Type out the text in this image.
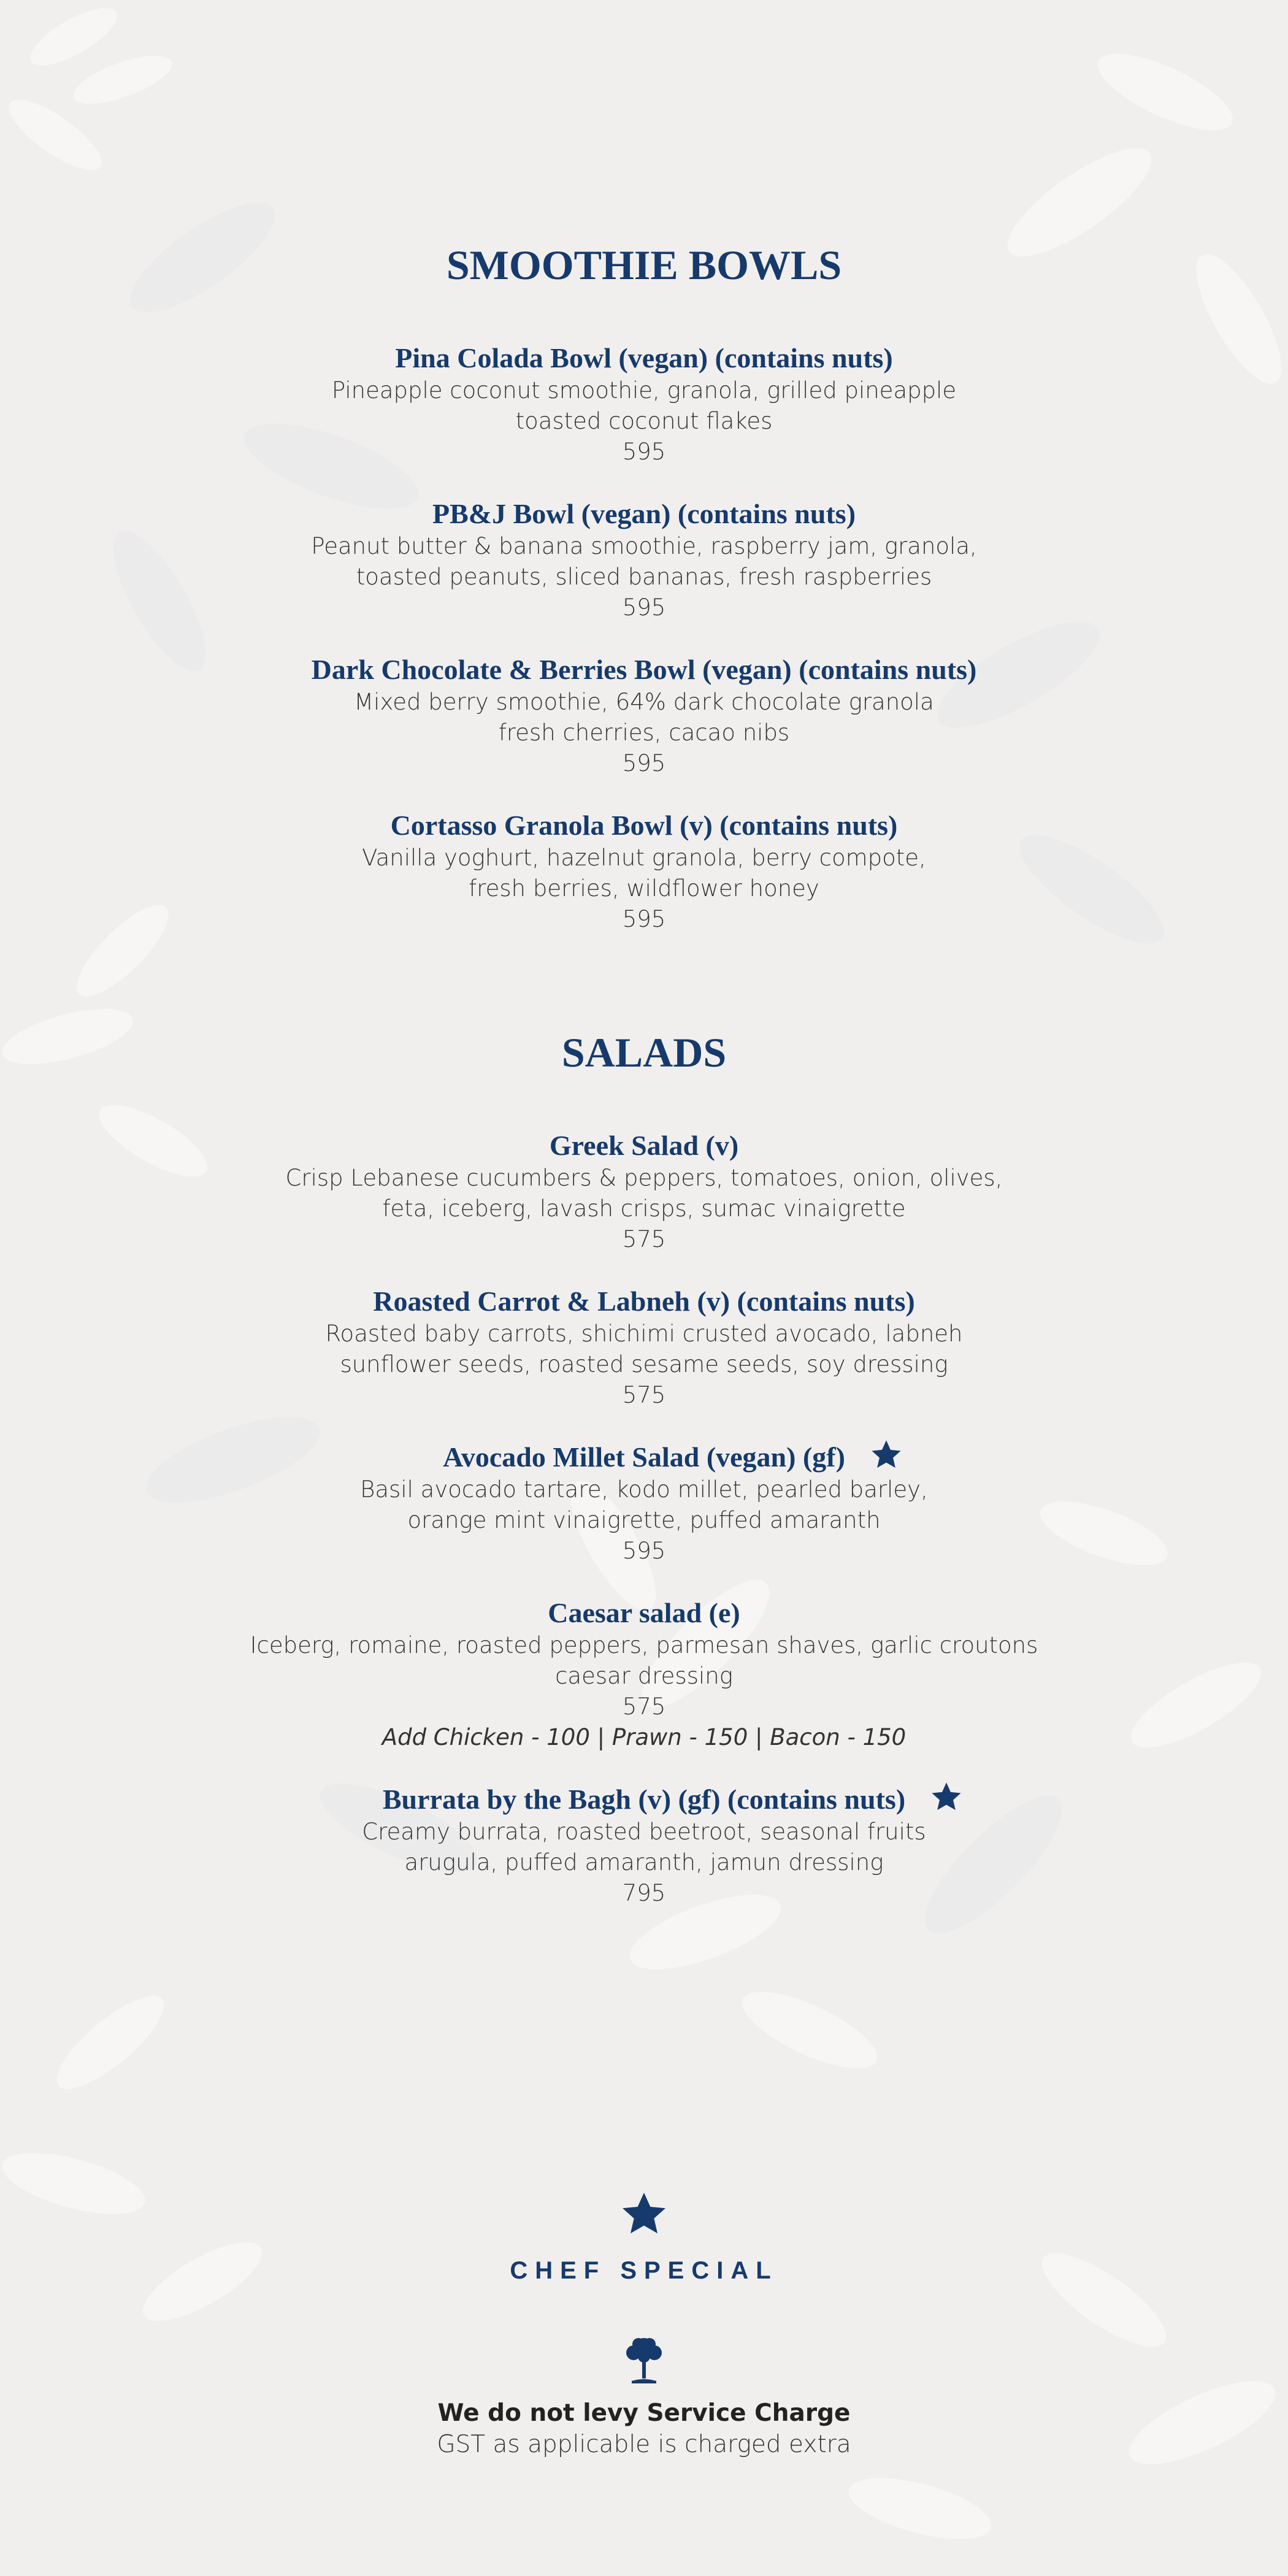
SMOOTHIE BOWLS
Pina Colada Bowl (vegan) (contains nuts)
Pineapple coconut smoothie, granola, grilled pineapple
toasted coconut flakes
595
PB&J Bowl (vegan) (contains nuts)
Peanut butter & banana smoothie, raspberry jam, granola,
toasted peanuts, sliced bananas, fresh raspberries
595
Dark Chocolate & Berries Bowl (vegan) (contains nuts)
Mixed berry smoothie, 64% dark chocolate granola
fresh cherries, cacao nibs
595
Cortasso Granola Bowl (v) (contains nuts)
Vanilla yoghurt, hazelnut granola, berry compote,
fresh berries, wildflower honey
595
SALADS
Greek Salad (v)
Crisp Lebanese cucumbers & peppers, tomatoes, onion, olives,
feta, iceberg, lavash crisps, sumac vinaigrette
575
Roasted Carrot & Labneh (v) (contains nuts)
Roasted baby carrots, shichimi crusted avocado, labneh
sunflower seeds, roasted sesame seeds, soy dressing
575
Avocado Millet Salad (vegan) (gf)
Basil avocado tartare, kodo millet, pearled barley,
orange mint vinaigrette, puffed amaranth
595
Caesar salad (e)
Iceberg, romaine, roasted peppers, parmesan shaves, garlic croutons
caesar dressing
575
Add Chicken - 100 | Prawn - 150 | Bacon - 150
Burrata by the Bagh (v) (gf) (contains nuts)
Creamy burrata, roasted beetroot, seasonal fruits
arugula, puffed amaranth, jamun dressing
795
CHEF SPECIAL
We do not levy Service Charge
GST as applicable is charged extra
